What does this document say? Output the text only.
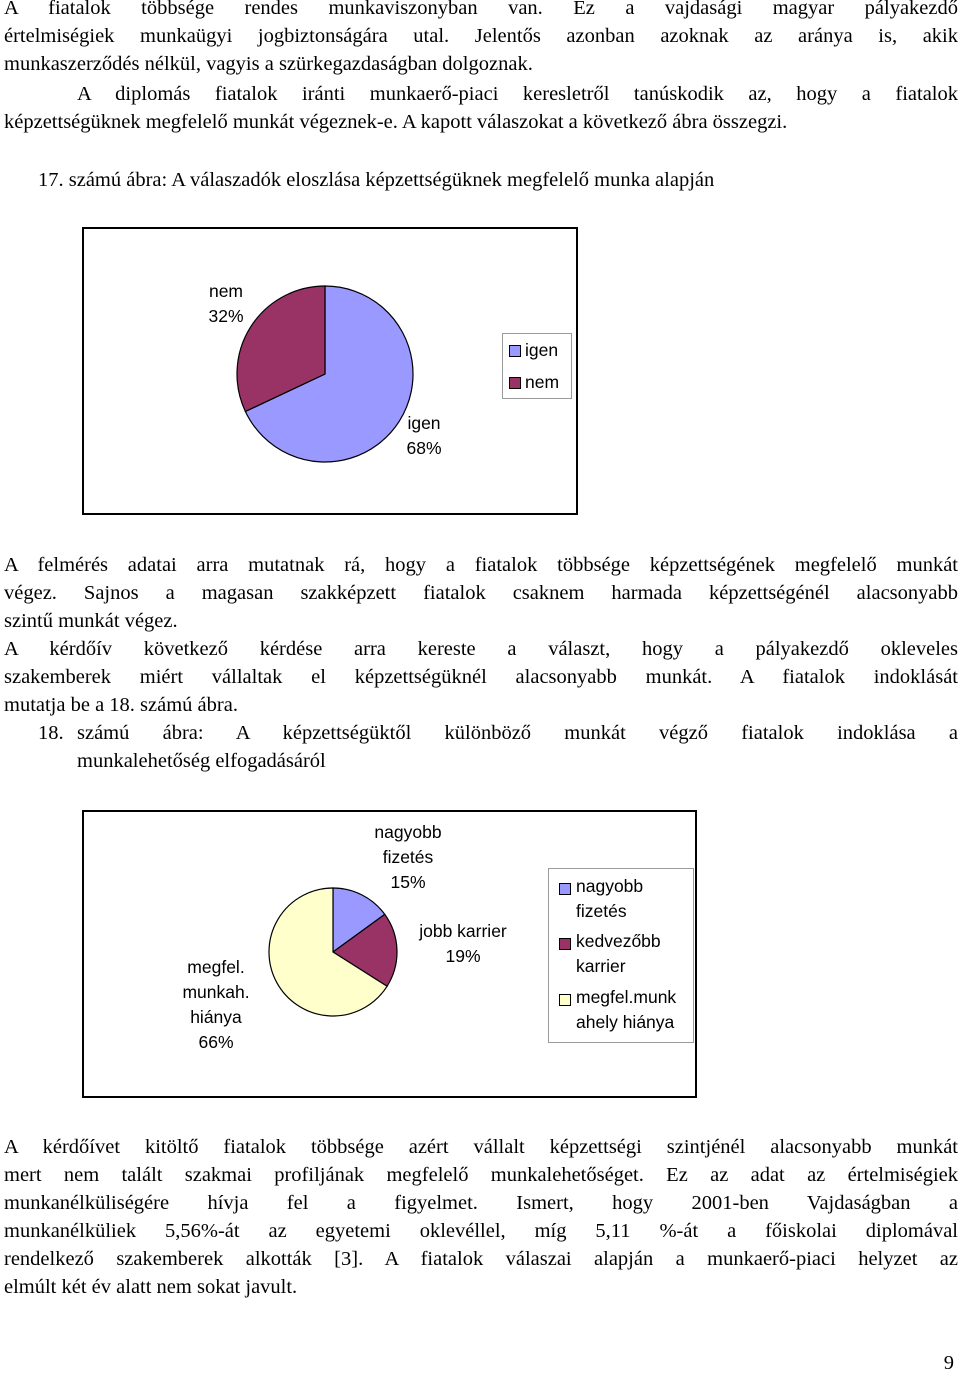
A fiatalok többsége rendes munkaviszonyban van. Ez a vajdasági magyar pályakezdő
értelmiségiek munkaügyi jogbiztonságára utal. Jelentős azonban azoknak az aránya is, akik
munkaszerződés nélkül, vagyis a szürkegazdaságban dolgoznak.
A diplomás fiatalok iránti munkaerő-piaci keresletről tanúskodik az, hogy a fiatalok
képzettségüknek megfelelő munkát végeznek-e. A kapott válaszokat a következő ábra összegzi.
17. számú ábra: A válaszadók eloszlása képzettségüknek megfelelő munka alapján
nem
32%
igen
68%
igen
nem
A felmérés adatai arra mutatnak rá, hogy a fiatalok többsége képzettségének megfelelő munkát
végez. Sajnos a magasan szakképzett fiatalok csaknem harmada képzettségénél alacsonyabb
szintű munkát végez.
A kérdőív következő kérdése arra kereste a választ, hogy a pályakezdő okleveles
szakemberek miért vállaltak el képzettségüknél alacsonyabb munkát. A fiatalok indoklását
mutatja be a 18. számú ábra.
18. számú ábra: A képzettségüktől különböző munkát végző fiatalok indoklása a
munkalehetőség elfogadásáról
nagyobb
fizetés
15%
jobb karrier
19%
megfel.
munkah.
hiánya
66%
nagyobb
fizetés
kedvezőbb
karrier
megfel.munk
ahely hiánya
A kérdőívet kitöltő fiatalok többsége azért vállalt képzettségi szintjénél alacsonyabb munkát
mert nem talált szakmai profiljának megfelelő munkalehetőséget. Ez az adat az értelmiségiek
munkanélküliségére hívja fel a figyelmet. Ismert, hogy 2001-ben Vajdaságban a
munkanélküliek 5,56%-át az egyetemi oklevéllel, míg 5,11 %-át a főiskolai diplomával
rendelkező szakemberek alkották [3]. A fiatalok válaszai alapján a munkaerő-piaci helyzet az
elmúlt két év alatt nem sokat javult.
9
